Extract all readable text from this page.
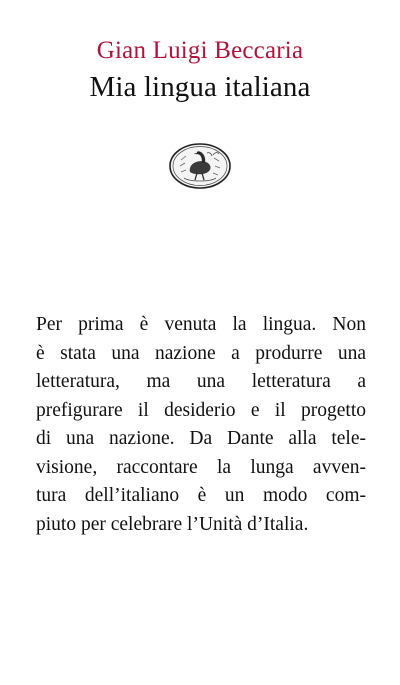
Gian Luigi Beccaria
Mia lingua italiana
Per prima è venuta la lingua. Non
è stata una nazione a produrre una
letteratura, ma una letteratura a
prefigurare il desiderio e il progetto
di una nazione. Da Dante alla tele-
visione, raccontare la lunga avven-
tura dell’italiano è un modo com-
piuto per celebrare l’Unità d’Italia.
